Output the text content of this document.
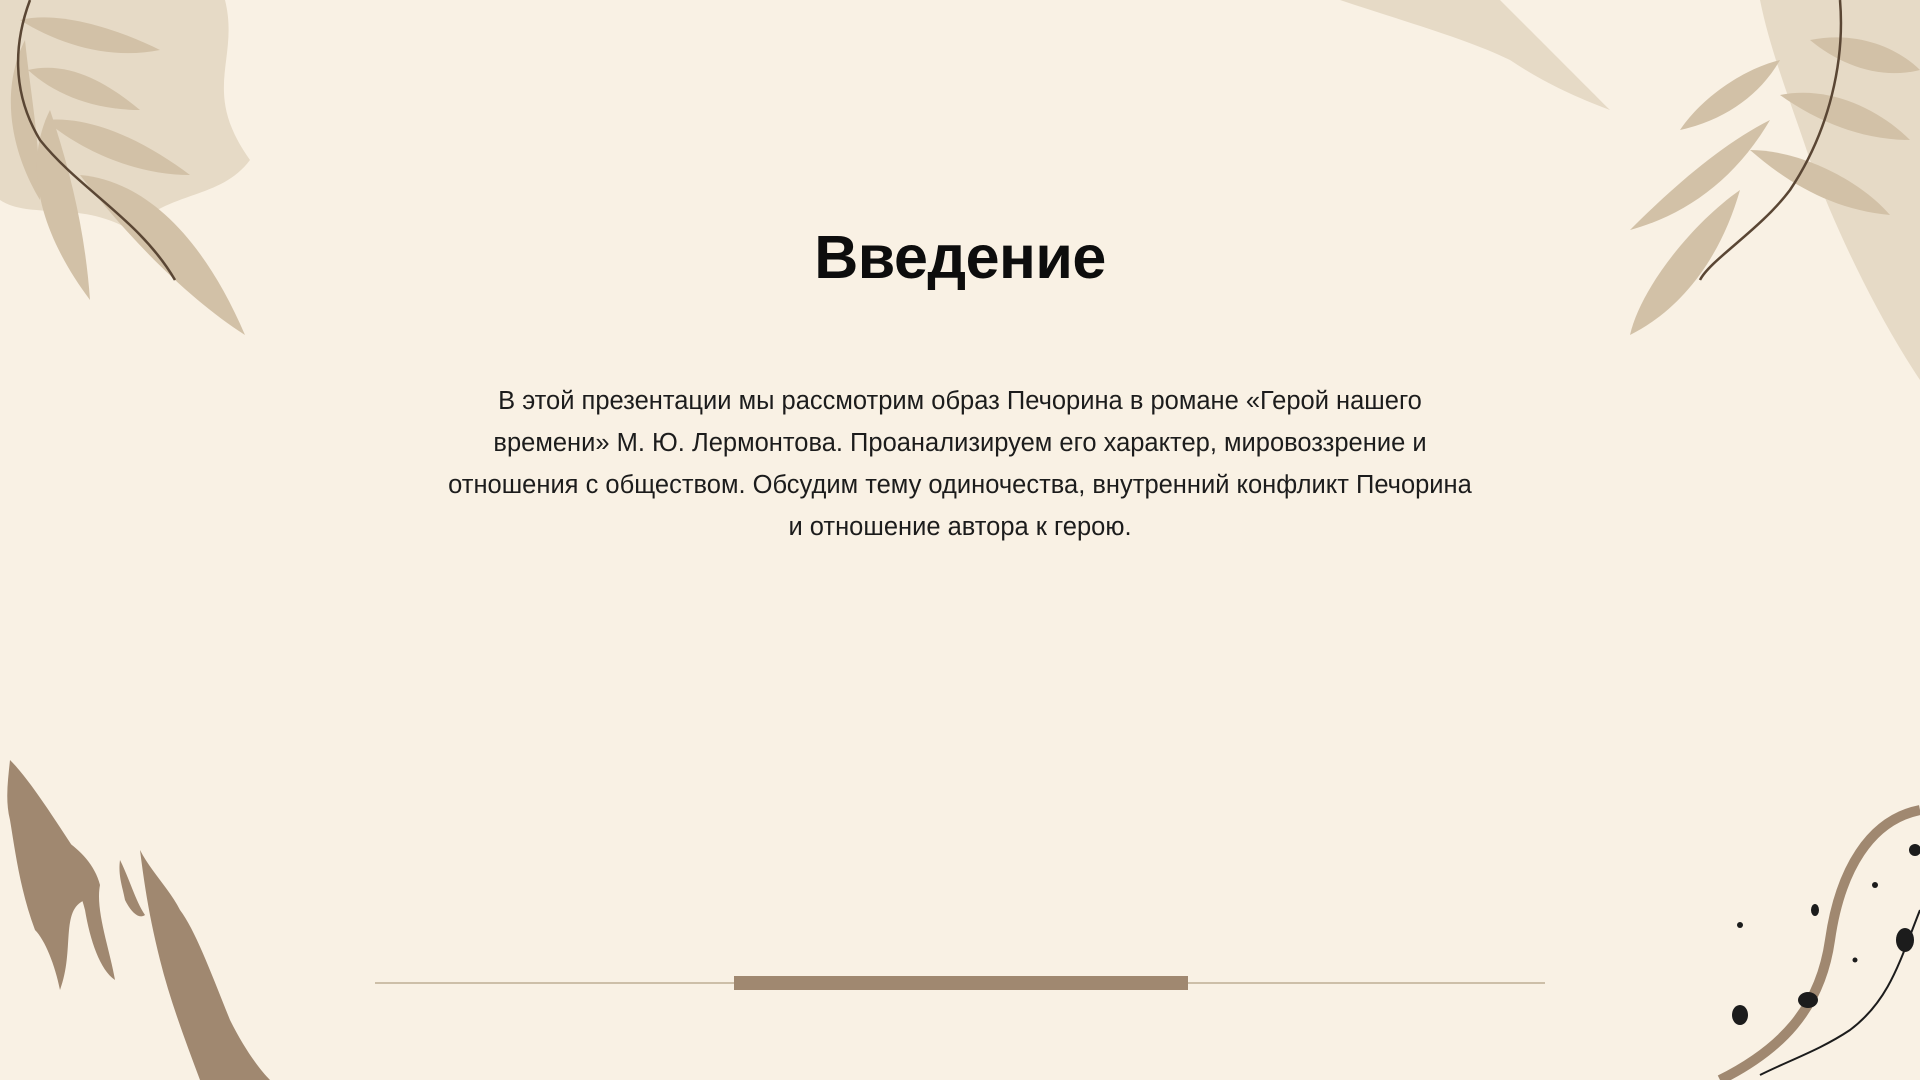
Введение

В этой презентации мы рассмотрим образ Печорина в романе «Герой нашего времени» М. Ю. Лермонтова. Проанализируем его характер, мировоззрение и отношения с обществом. Обсудим тему одиночества, внутренний конфликт Печорина и отношение автора к герою.
